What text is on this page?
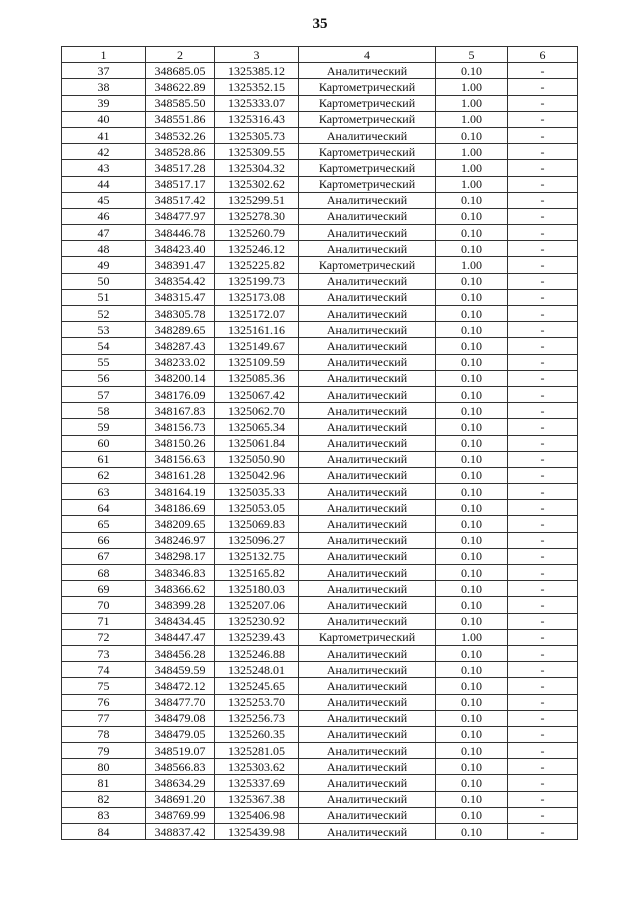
35
1	2	3	4	5	6
37	348685.05	1325385.12	Аналитический	0.10	-
38	348622.89	1325352.15	Картометрический	1.00	-
39	348585.50	1325333.07	Картометрический	1.00	-
40	348551.86	1325316.43	Картометрический	1.00	-
41	348532.26	1325305.73	Аналитический	0.10	-
42	348528.86	1325309.55	Картометрический	1.00	-
43	348517.28	1325304.32	Картометрический	1.00	-
44	348517.17	1325302.62	Картометрический	1.00	-
45	348517.42	1325299.51	Аналитический	0.10	-
46	348477.97	1325278.30	Аналитический	0.10	-
47	348446.78	1325260.79	Аналитический	0.10	-
48	348423.40	1325246.12	Аналитический	0.10	-
49	348391.47	1325225.82	Картометрический	1.00	-
50	348354.42	1325199.73	Аналитический	0.10	-
51	348315.47	1325173.08	Аналитический	0.10	-
52	348305.78	1325172.07	Аналитический	0.10	-
53	348289.65	1325161.16	Аналитический	0.10	-
54	348287.43	1325149.67	Аналитический	0.10	-
55	348233.02	1325109.59	Аналитический	0.10	-
56	348200.14	1325085.36	Аналитический	0.10	-
57	348176.09	1325067.42	Аналитический	0.10	-
58	348167.83	1325062.70	Аналитический	0.10	-
59	348156.73	1325065.34	Аналитический	0.10	-
60	348150.26	1325061.84	Аналитический	0.10	-
61	348156.63	1325050.90	Аналитический	0.10	-
62	348161.28	1325042.96	Аналитический	0.10	-
63	348164.19	1325035.33	Аналитический	0.10	-
64	348186.69	1325053.05	Аналитический	0.10	-
65	348209.65	1325069.83	Аналитический	0.10	-
66	348246.97	1325096.27	Аналитический	0.10	-
67	348298.17	1325132.75	Аналитический	0.10	-
68	348346.83	1325165.82	Аналитический	0.10	-
69	348366.62	1325180.03	Аналитический	0.10	-
70	348399.28	1325207.06	Аналитический	0.10	-
71	348434.45	1325230.92	Аналитический	0.10	-
72	348447.47	1325239.43	Картометрический	1.00	-
73	348456.28	1325246.88	Аналитический	0.10	-
74	348459.59	1325248.01	Аналитический	0.10	-
75	348472.12	1325245.65	Аналитический	0.10	-
76	348477.70	1325253.70	Аналитический	0.10	-
77	348479.08	1325256.73	Аналитический	0.10	-
78	348479.05	1325260.35	Аналитический	0.10	-
79	348519.07	1325281.05	Аналитический	0.10	-
80	348566.83	1325303.62	Аналитический	0.10	-
81	348634.29	1325337.69	Аналитический	0.10	-
82	348691.20	1325367.38	Аналитический	0.10	-
83	348769.99	1325406.98	Аналитический	0.10	-
84	348837.42	1325439.98	Аналитический	0.10	-
